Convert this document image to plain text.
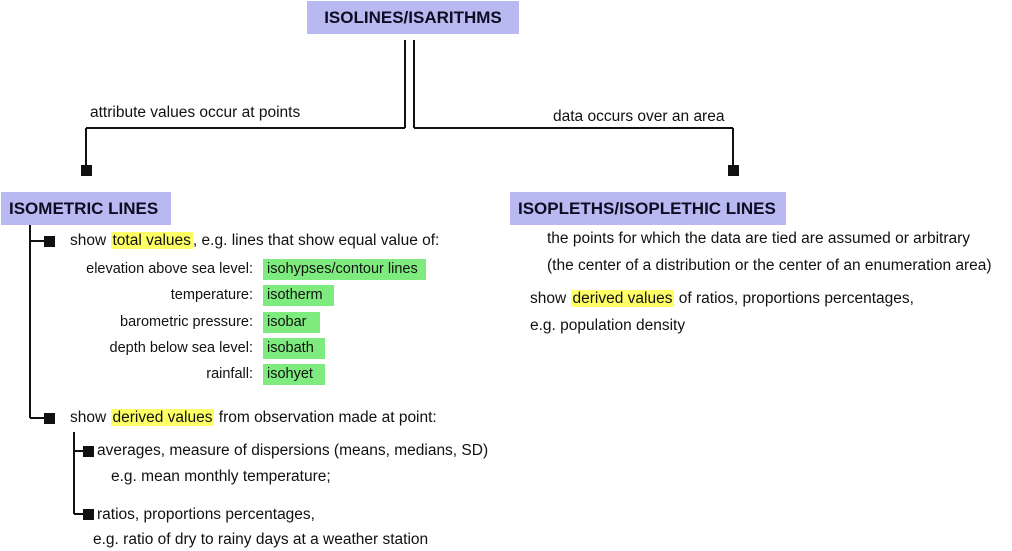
ISOLINES/ISARITHMS
attribute values occur at points	data occurs over an area
ISOMETRIC LINES	ISOPLETHS/ISOPLETHIC LINES
show total values , e.g. lines that show equal value of:
elevation above sea level:
temperature:
barometric pressure:
depth below sea level:
rainfall:
isohypses/contour lines
isotherm
isobar
isobath
isohyet
show derived values from observation made at point:
averages, measure of dispersions (means, medians, SD)
e.g. mean monthly temperature;
ratios, proportions percentages,
e.g. ratio of dry to rainy days at a weather station
the points for which the data are tied are assumed or arbitrary
(the center of a distribution or the center of an enumeration area)
show derived values of ratios, proportions percentages,
e.g. population density
